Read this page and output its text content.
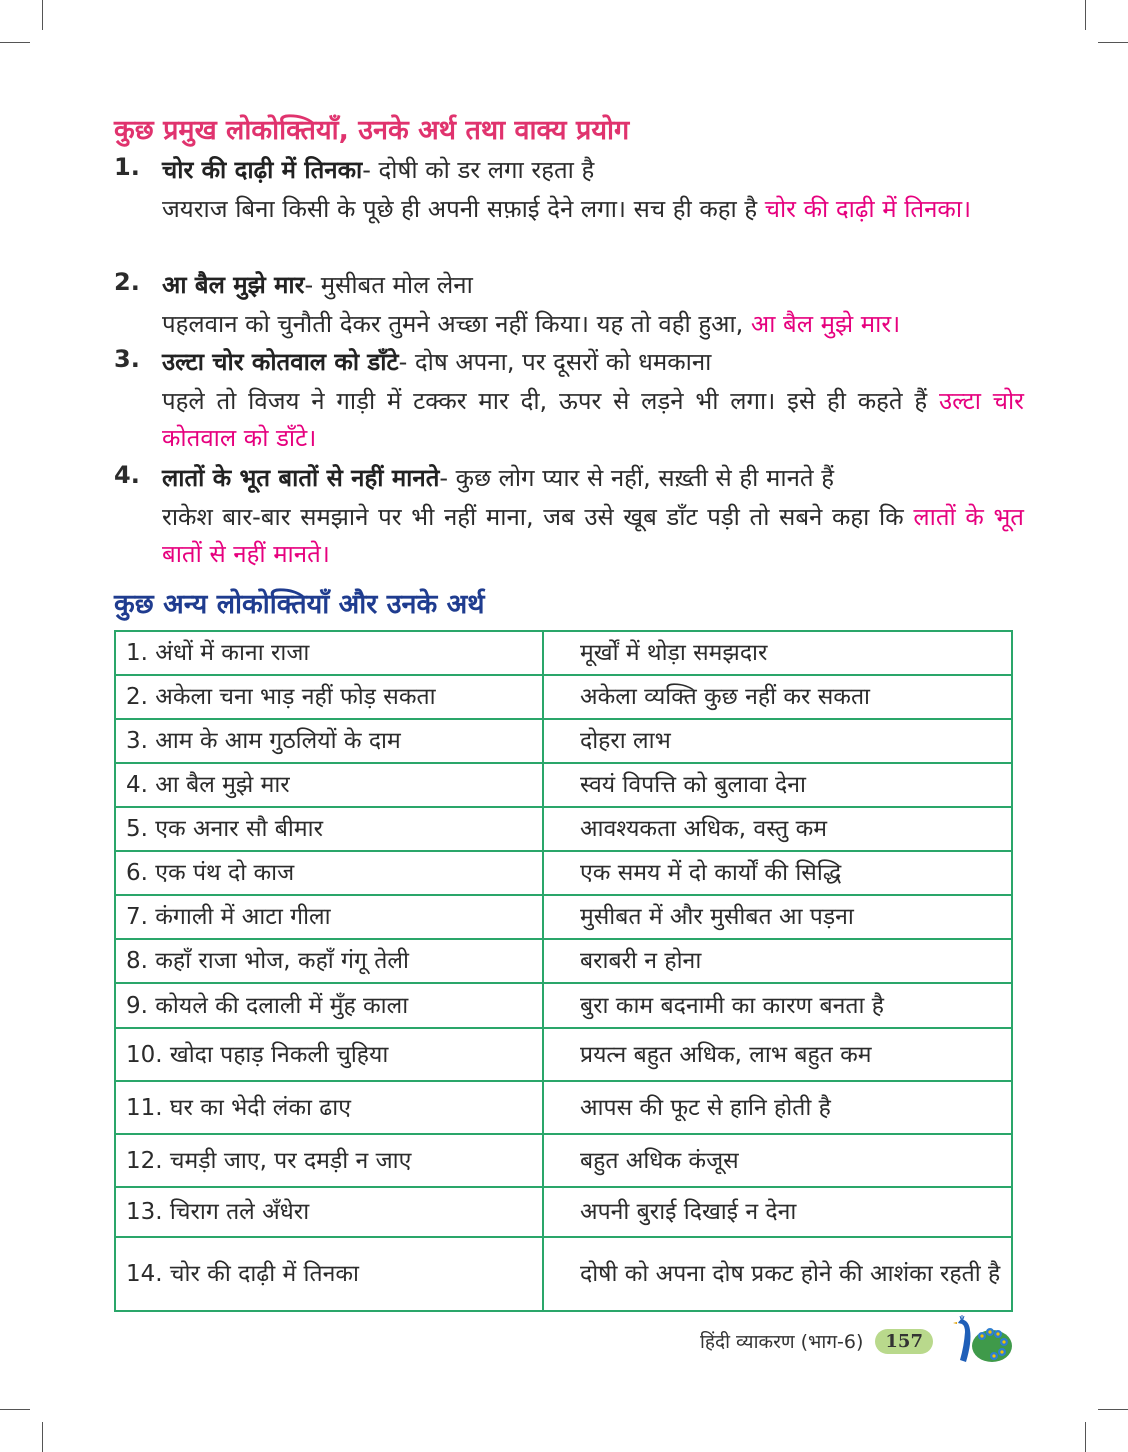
कुछ प्रमुख लोकोक्तियाँ, उनके अर्थ तथा वाक्य प्रयोग
1. चोर की दाढ़ी में तिनका- दोषी को डर लगा रहता है
जयराज बिना किसी के पूछे ही अपनी सफ़ाई देने लगा। सच ही कहा है चोर की दाढ़ी में तिनका।
2. आ बैल मुझे मार- मुसीबत मोल लेना
पहलवान को चुनौती देकर तुमने अच्छा नहीं किया। यह तो वही हुआ, आ बैल मुझे मार।
3. उल्टा चोर कोतवाल को डाँटे- दोष अपना, पर दूसरों को धमकाना
पहले तो विजय ने गाड़ी में टक्कर मार दी, ऊपर से लड़ने भी लगा। इसे ही कहते हैं उल्टा चोर कोतवाल को डाँटे।
4. लातों के भूत बातों से नहीं मानते- कुछ लोग प्यार से नहीं, सख़्ती से ही मानते हैं
राकेश बार-बार समझाने पर भी नहीं माना, जब उसे खूब डाँट पड़ी तो सबने कहा कि लातों के भूत बातों से नहीं मानते।
कुछ अन्य लोकोक्तियाँ और उनके अर्थ
1. अंधों में काना राजा	मूर्खों में थोड़ा समझदार
2. अकेला चना भाड़ नहीं फोड़ सकता	अकेला व्यक्ति कुछ नहीं कर सकता
3. आम के आम गुठलियों के दाम	दोहरा लाभ
4. आ बैल मुझे मार	स्वयं विपत्ति को बुलावा देना
5. एक अनार सौ बीमार	आवश्यकता अधिक, वस्तु कम
6. एक पंथ दो काज	एक समय में दो कार्यों की सिद्धि
7. कंगाली में आटा गीला	मुसीबत में और मुसीबत आ पड़ना
8. कहाँ राजा भोज, कहाँ गंगू तेली	बराबरी न होना
9. कोयले की दलाली में मुँह काला	बुरा काम बदनामी का कारण बनता है
10. खोदा पहाड़ निकली चुहिया	प्रयत्न बहुत अधिक, लाभ बहुत कम
11. घर का भेदी लंका ढाए	आपस की फूट से हानि होती है
12. चमड़ी जाए, पर दमड़ी न जाए	बहुत अधिक कंजूस
13. चिराग तले अँधेरा	अपनी बुराई दिखाई न देना
14. चोर की दाढ़ी में तिनका	दोषी को अपना दोष प्रकट होने की आशंका रहती है
हिंदी व्याकरण (भाग-6)	157
